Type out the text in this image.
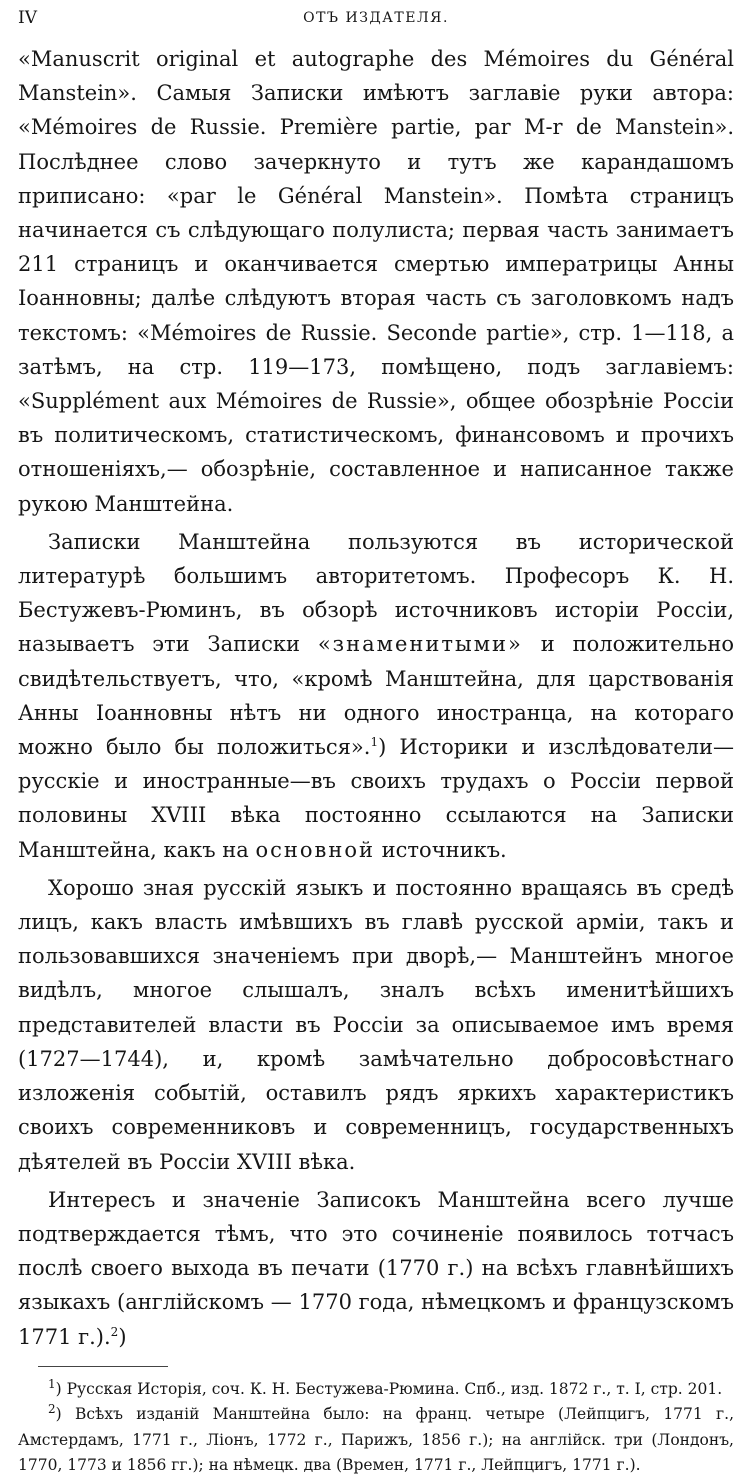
IV	ОТЪ ИЗДАТЕЛЯ.

«Manuscrit original et autographe des Mémoires du Général Manstein». Самыя Записки имѣютъ заглавіе руки автора: «Mémoires de Russie. Première partie, par M-r de Manstein». Послѣднее слово зачеркнуто и тутъ же карандашомъ приписано: «par le Général Manstein». Помѣта страницъ начинается съ слѣдующаго полулиста; первая часть занимаетъ 211 страницъ и оканчивается смертью императрицы Анны Іоанновны; далѣе слѣдуютъ вторая часть съ заголовкомъ надъ текстомъ: «Mémoires de Russie. Seconde partie», стр. 1—118, а затѣмъ, на стр. 119—173, помѣщено, подъ заглавіемъ: «Supplément aux Mémoires de Russie», общее обозрѣніе Россіи въ политическомъ, статистическомъ, финансовомъ и прочихъ отношеніяхъ,— обозрѣніе, составленное и написанное также рукою Манштейна.

Записки Манштейна пользуются въ исторической литературѣ большимъ авторитетомъ. Професоръ К. Н. Бестужевъ-Рюминъ, въ обзорѣ источниковъ исторіи Россіи, называетъ эти Записки «знаменитыми» и положительно свидѣтельствуетъ, что, «кромѣ Манштейна, для царствованія Анны Іоанновны нѣтъ ни одного иностранца, на котораго можно было бы положиться».$^1$) Историки и изслѣдователи—русскіе и иностранные—въ своихъ трудахъ о Россіи первой половины XVIII вѣка постоянно ссылаются на Записки Манштейна, какъ на основной источникъ.

Хорошо зная русскій языкъ и постоянно вращаясь въ средѣ лицъ, какъ власть имѣвшихъ въ главѣ русской арміи, такъ и пользовавшихся значеніемъ при дворѣ,— Манштейнъ многое видѣлъ, многое слышалъ, зналъ всѣхъ именитѣйшихъ представителей власти въ Россіи за описываемое имъ время (1727—1744), и, кромѣ замѣчательно добросовѣстнаго изложенія событій, оставилъ рядъ яркихъ характеристикъ своихъ современниковъ и современницъ, государственныхъ дѣятелей въ Россіи XVIII вѣка.

Интересъ и значеніе Записокъ Манштейна всего лучше подтверждается тѣмъ, что это сочиненіе появилось тотчасъ послѣ своего выхода въ печати (1770 г.) на всѣхъ главнѣйшихъ языкахъ (англійскомъ — 1770 года, нѣмецкомъ и французскомъ 1771 г.).$^2$)

$^1$) Русская Исторія, соч. К. Н. Бестужева-Рюмина. Спб., изд. 1872 г., т. I, стр. 201.

$^2$) Всѣхъ изданій Манштейна было: на франц. четыре (Лейпцигъ, 1771 г., Амстердамъ, 1771 г., Ліонъ, 1772 г., Парижъ, 1856 г.); на англійск. три (Лондонъ, 1770, 1773 и 1856 гг.); на нѣмецк. два (Времен, 1771 г., Лейпцигъ, 1771 г.).
